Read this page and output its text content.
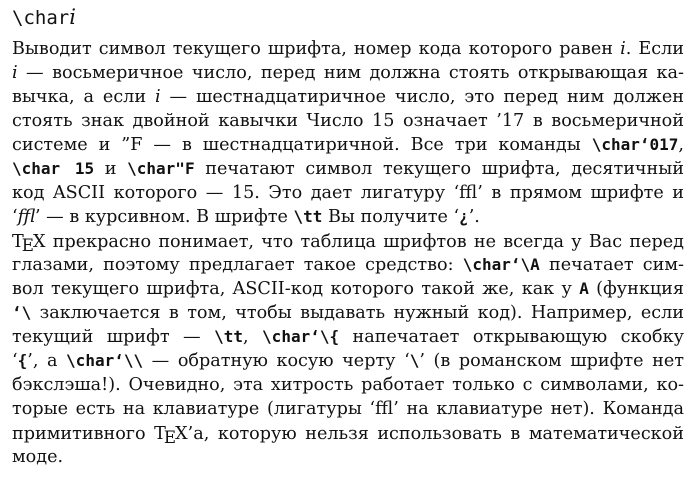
\chari
Выводит символ текущего шрифта, номер кода которого равен i. Если
i — восьмеричное число, перед ним должна стоять открывающая ка-
вычка, а если i — шестнадцатиричное число, это перед ним должен
стоять знак двойной кавычки Число 15 означает ’17 в восьмеричной
системе и ”F — в шестнадцатиричной. Все три команды \char‘017,
\char 15 и \char"F печатают символ текущего шрифта, десятичный
код ASCII которого — 15. Это дает лигатуру ‘ﬄ’ в прямом шрифте и
‘ﬄ’ — в курсивном. В шрифте \tt Вы получите ‘¿’.
TEX прекрасно понимает, что таблица шрифтов не всегда у Вас перед
глазами, поэтому предлагает такое средство: \char‘\A печатает сим-
вол текущего шрифта, ASCII-код которого такой же, как у A (функция
‘\ заключается в том, чтобы выдавать нужный код). Например, если
текущий шрифт — \tt, \char‘\{ напечатает открывающую скобку
‘{’, а \char‘\\ — обратную косую черту ‘\’ (в романском шрифте нет
бэкслэша!). Очевидно, эта хитрость работает только с символами, ко-
торые есть на клавиатуре (лигатуры ‘ﬄ’ на клавиатуре нет). Команда
примитивного TEX’а, которую нельзя использовать в математической
моде.
